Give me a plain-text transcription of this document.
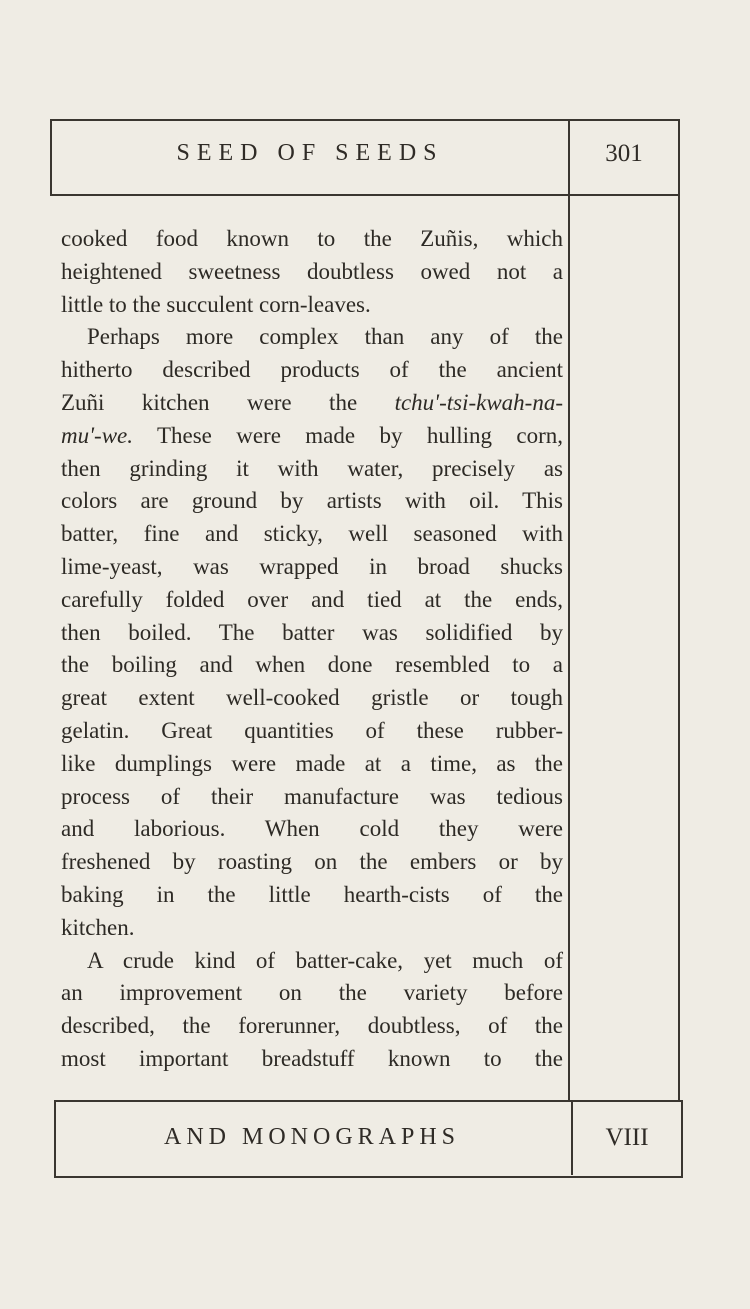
SEED OF SEEDS	301
cooked food known to the Zuñis, which
heightened sweetness doubtless owed not a
little to the succulent corn-leaves.
Perhaps more complex than any of the
hitherto described products of the ancient
Zuñi kitchen were the tchu'-tsi-kwah-na-
mu'-we. These were made by hulling corn,
then grinding it with water, precisely as
colors are ground by artists with oil. This
batter, fine and sticky, well seasoned with
lime-yeast, was wrapped in broad shucks
carefully folded over and tied at the ends,
then boiled. The batter was solidified by
the boiling and when done resembled to a
great extent well-cooked gristle or tough
gelatin. Great quantities of these rubber-
like dumplings were made at a time, as the
process of their manufacture was tedious
and laborious. When cold they were
freshened by roasting on the embers or by
baking in the little hearth-cists of the
kitchen.
A crude kind of batter-cake, yet much of
an improvement on the variety before
described, the forerunner, doubtless, of the
most important breadstuff known to the
AND MONOGRAPHS	VIII
